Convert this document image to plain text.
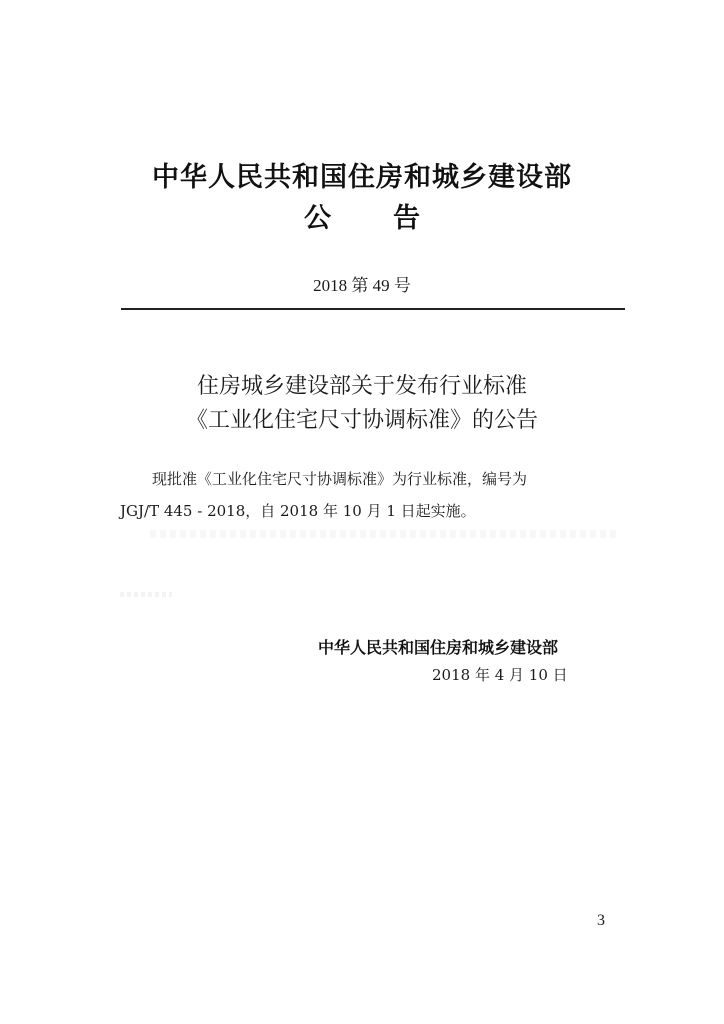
中华人民共和国住房和城乡建设部
公告
2018 第 49 号
住房城乡建设部关于发布行业标准
《工业化住宅尺寸协调标准》的公告
现批准《工业化住宅尺寸协调标准》为行业标准，编号为
JGJ/T 445 - 2018，自 2018 年 10 月 1 日起实施。
中华人民共和国住房和城乡建设部
2018 年 4 月 10 日
3
